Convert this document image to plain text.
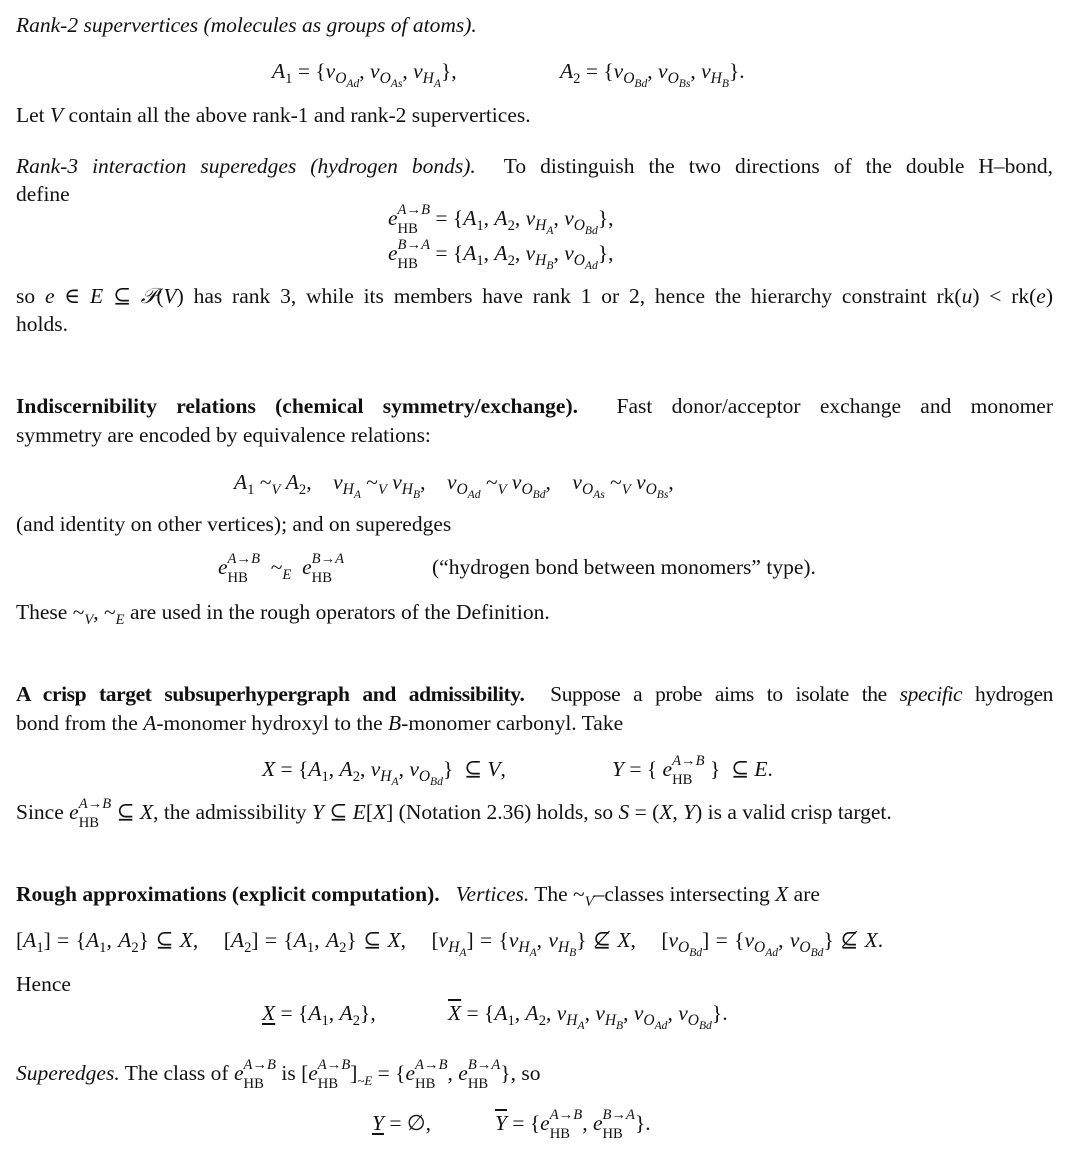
Rank-2 supervertices (molecules as groups of atoms).
$A_1 = \{v_{O_{Ad}}$, $v_{O_{As}}$, $v_{H_A}$},	$A_2 = \{v_{O_{Bd}}$, $v_{O_{Bs}}$, $v_{H_B}$}.
Let V contain all the above rank-1 and rank-2 supervertices.
Rank-3 interaction superedges (hydrogen bonds). To distinguish the two directions of the double H–bond,
define
e A→B
HB = {$A_1$, $A_2$, $v_{H_A}$, $v_{O_{Bd}}$},
e B→A
HB = {$A_1$, $A_2$, $v_{H_B}$, $v_{O_{Ad}}$},
so e ∈ E ⊆ 𝒫(V) has rank 3, while its members have rank 1 or 2, hence the hierarchy constraint rk(u) < rk(e)
holds.
Indiscernibility relations (chemical symmetry/exchange). Fast donor/acceptor exchange and monomer
symmetry are encoded by equivalence relations:
$A_1$ $\sim_V$ $A_2$,    $v_{H_A}$ $\sim_V$ $v_{H_B}$,    $v_{O_{Ad}}$ $\sim_V$ $v_{O_{Bd}}$,    $v_{O_{As}}$ $\sim_V$ $v_{O_{Bs}}$,
(and identity on other vertices); and on superedges
e A→B
HB $\sim_E$ e B→A
HB	(“hydrogen bond between monomers” type).
These $\sim_V$, $\sim_E$ are used in the rough operators of the Definition.
A crisp target subsuperhypergraph and admissibility. Suppose a probe aims to isolate the specific hydrogen
bond from the A-monomer hydroxyl to the B-monomer carbonyl. Take
$X = \{A_1$, $A_2$, $v_{H_A}$, $v_{O_{Bd}}$}  ⊆ V,	Y = { e A→B
HB }  ⊆ E.
Since e A→B
HB ⊆ X, the admissibility Y ⊆ E[X] (Notation 2.36) holds, so S = (X, Y) is a valid crisp target.
Rough approximations (explicit computation). Vertices. The $\sim_V$–classes intersecting X are
$[A_1] = \{A_1$, $A_2$} ⊆ X,    $[A_2] = \{A_1$, $A_2$} ⊆ X,    $[v_{H_A}] = \{v_{H_A}$, $v_{H_B}$} ⊈ X,    $[v_{O_{Bd}}] = \{v_{O_{Ad}}$, $v_{O_{Bd}}$} ⊈ X.
Hence
$X = \{A_1$, $A_2$},	$\overline{X} = \{A_1$, $A_2$, $v_{H_A}$, $v_{H_B}$, $v_{O_{Ad}}$, $v_{O_{Bd}}$}.
Superedges. The class of e A→B
HB is [e A→B
HB ]$_{\sim E} = \{e$ A→B
HB , e B→A
HB }, so
Y = ∅,	$\overline{Y} = \{e$ A→B
HB , e B→A
HB }.
